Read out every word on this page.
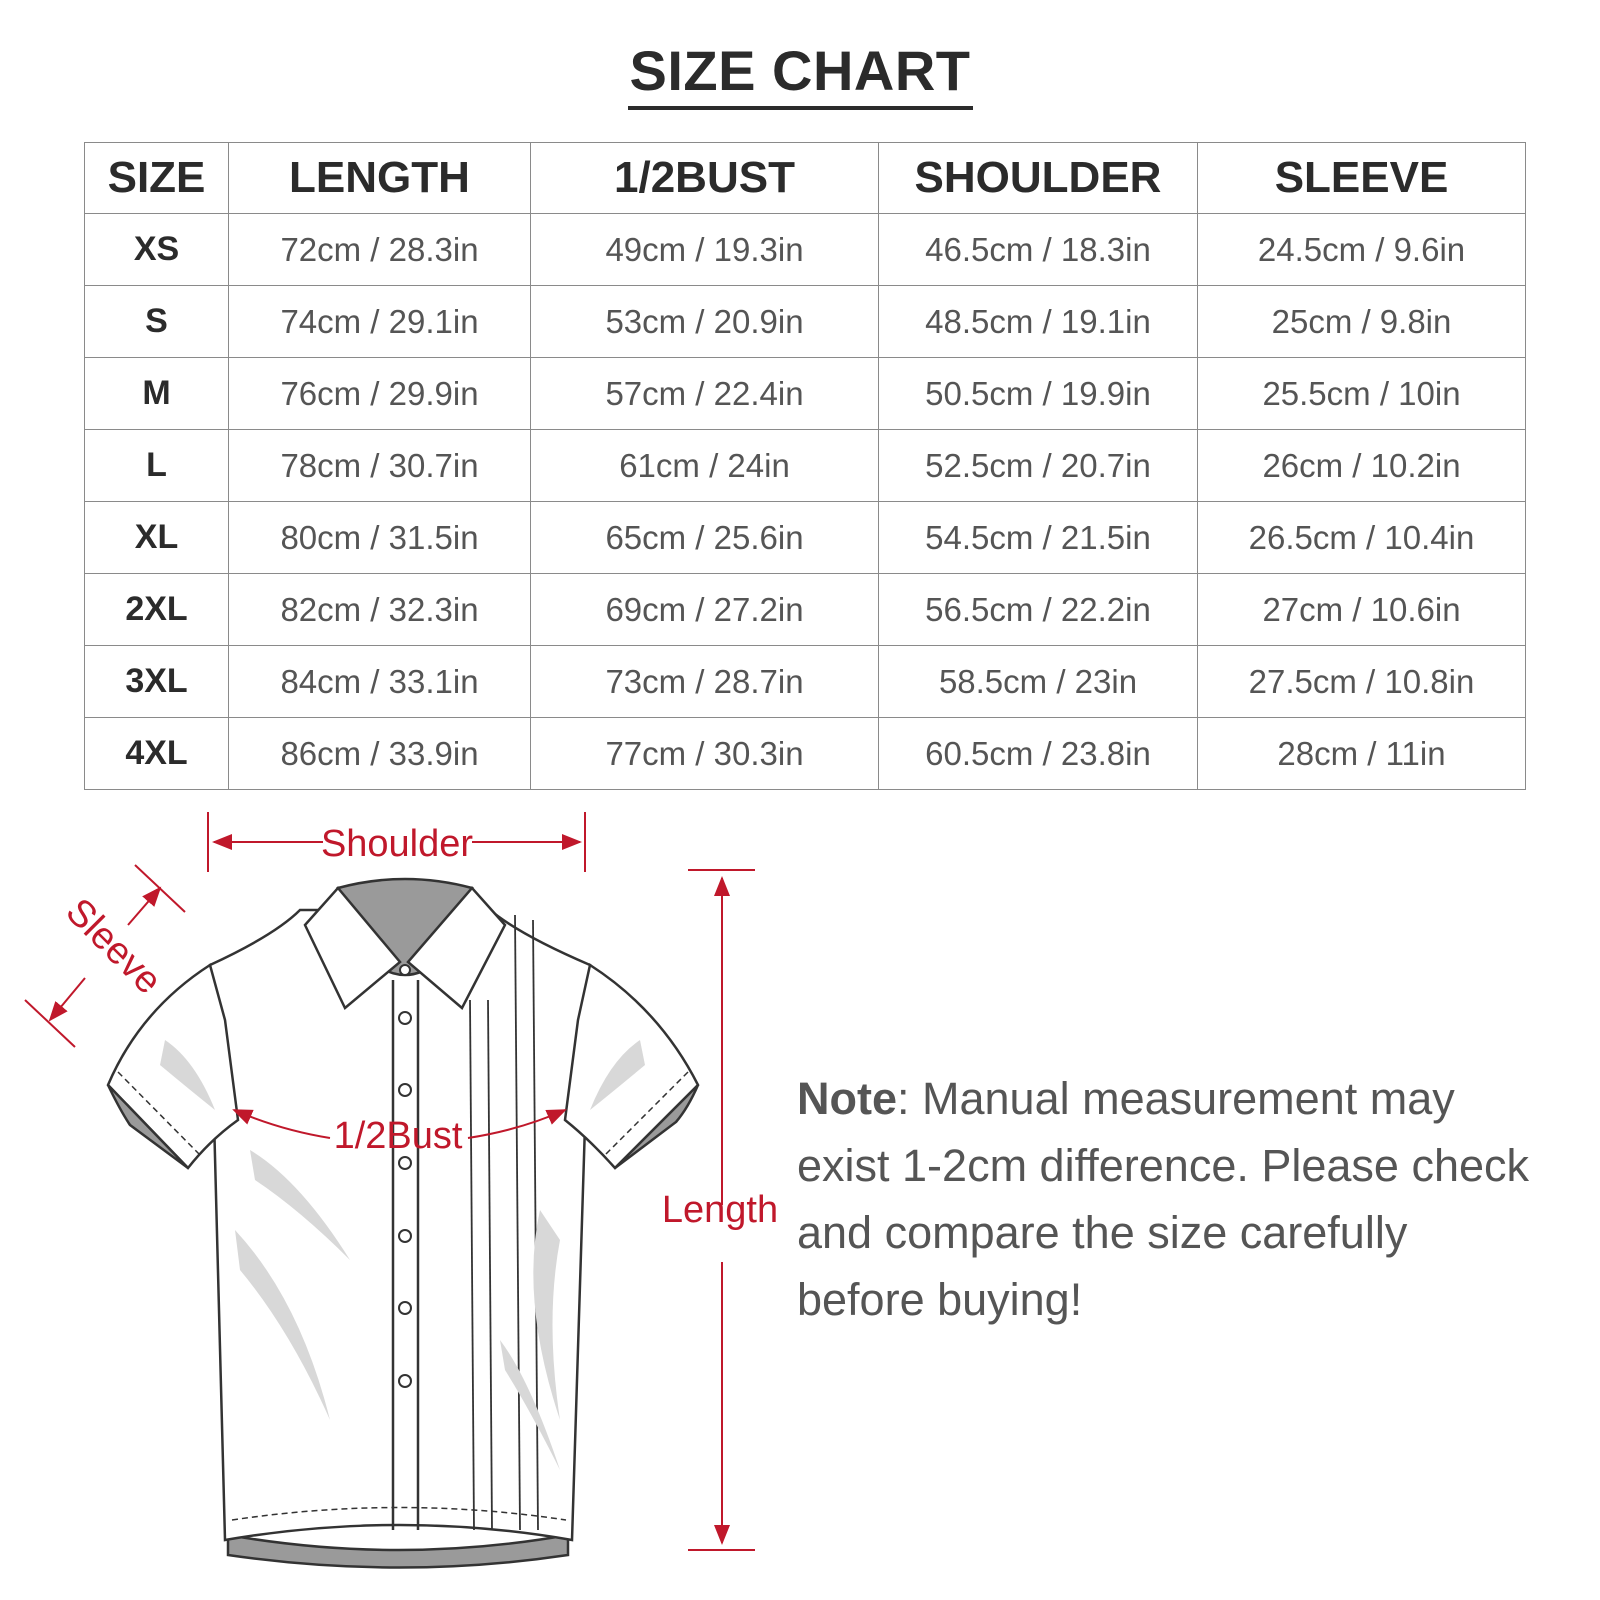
SIZE CHART
SIZE	LENGTH	1/2BUST	SHOULDER	SLEEVE
XS	72cm / 28.3in	49cm / 19.3in	46.5cm / 18.3in	24.5cm / 9.6in
S	74cm / 29.1in	53cm / 20.9in	48.5cm / 19.1in	25cm / 9.8in
M	76cm / 29.9in	57cm / 22.4in	50.5cm / 19.9in	25.5cm / 10in
L	78cm / 30.7in	61cm / 24in	52.5cm / 20.7in	26cm / 10.2in
XL	80cm / 31.5in	65cm / 25.6in	54.5cm / 21.5in	26.5cm / 10.4in
2XL	82cm / 32.3in	69cm / 27.2in	56.5cm / 22.2in	27cm / 10.6in
3XL	84cm / 33.1in	73cm / 28.7in	58.5cm / 23in	27.5cm / 10.8in
4XL	86cm / 33.9in	77cm / 30.3in	60.5cm / 23.8in	28cm / 11in
Shoulder
Sleeve
1/2Bust
Length
Note: Manual measurement may exist 1-2cm difference. Please check and compare the size carefully before buying!
